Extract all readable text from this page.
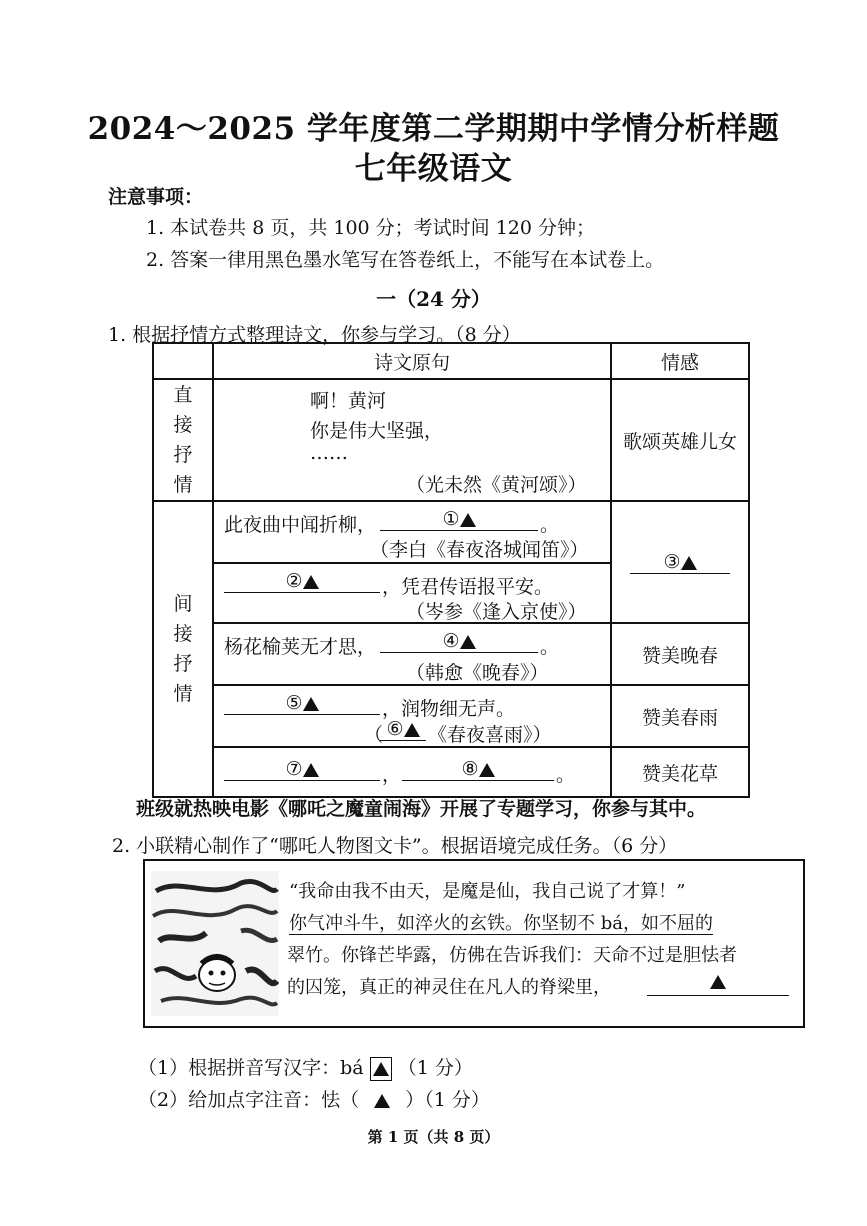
2024～2025 学年度第二学期期中学情分析样题
七年级语文
注意事项：
1. 本试卷共 8 页，共 100 分；考试时间 120 分钟；
2. 答案一律用黑色墨水笔写在答卷纸上，不能写在本试卷上。
一（24 分）
1. 根据抒情方式整理诗文，你参与学习。（8 分）
	诗文原句	情感

直接抒情	啊！黄河
你是伟大坚强，
……
（光未然《黄河颂》）	歌颂英雄儿女

间接抒情	此夜曲中闻折柳， ① 。
（李白《春夜洛城闻笛》）	③

	② ，凭君传语报平安。
（岑参《逢入京使》）	

	杨花榆荚无才思， ④ 。
（韩愈《晚春》）	赞美晚春

	⑤ ，润物细无声。
（ ⑥ 《春夜喜雨》）	赞美春雨

	⑦ ， ⑧ 。	赞美花草
班级就热映电影《哪吒之魔童闹海》开展了专题学习，你参与其中。
2. 小联精心制作了“哪吒人物图文卡”。根据语境完成任务。（6 分）
“我命由我不由天，是魔是仙，我自己说了才算！”
你气冲斗牛，如淬火的玄铁。你坚韧不 bá，如不屈的
翠竹。你锋芒毕露，仿佛在告诉我们：天命不过是胆怯者
的囚笼，真正的神灵住在凡人的脊梁里，
（1）根据拼音写汉字：bá （1 分）
（2）给加点字注音：怯（ ）（1 分）
第 1 页（共 8 页）
